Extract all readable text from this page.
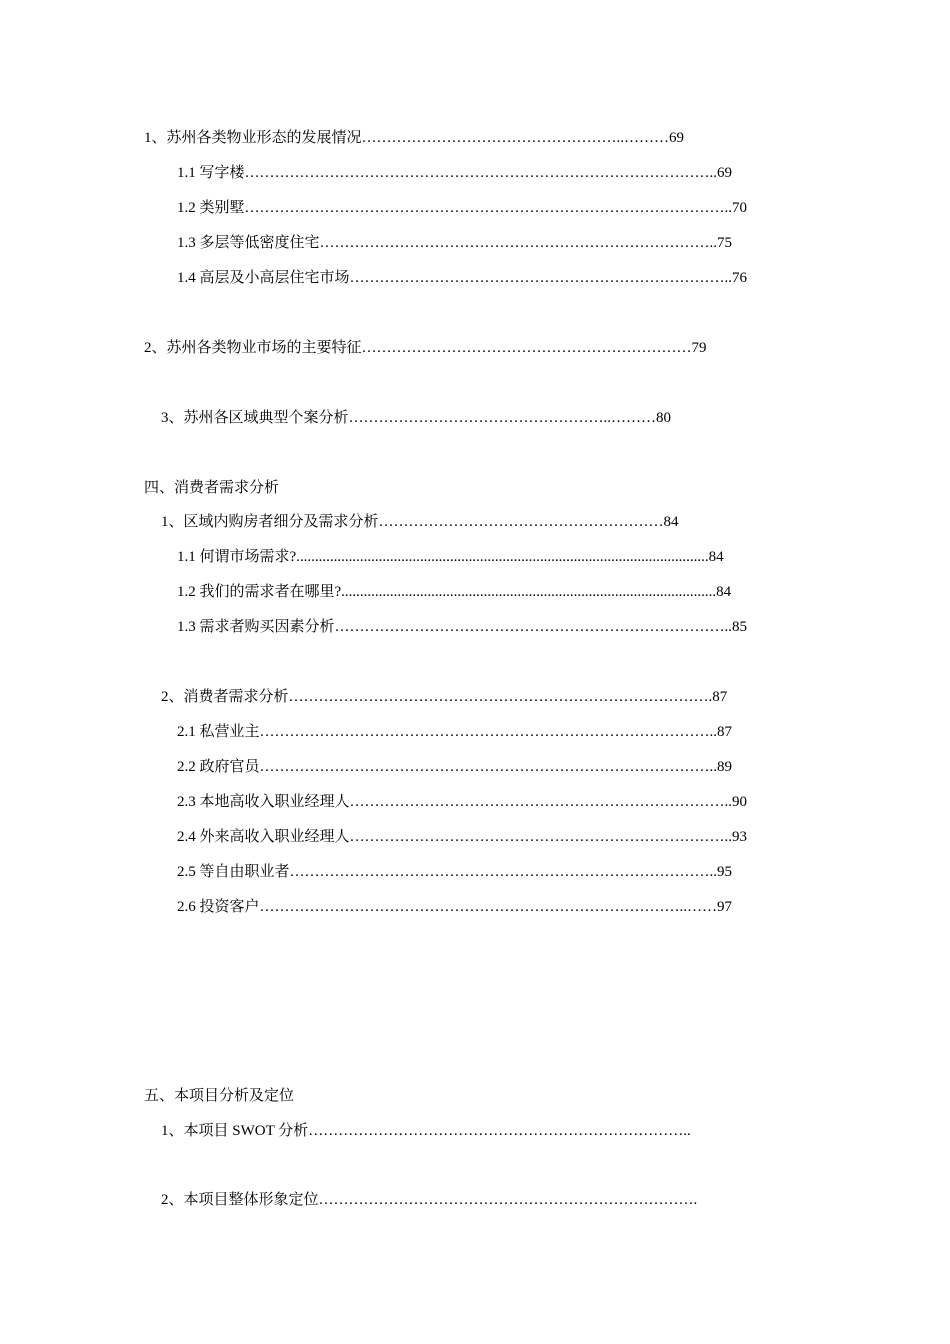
1、苏州各类物业形态的发展情况……………………………………………..………69
1.1 写字楼…………………………………………………………………………………..69
1.2 类别墅……………………………………………………………………………………..70
1.3 多层等低密度住宅……………………………………………………………………..75
1.4 高层及小高层住宅市场…………………………………………………………………..76
2、苏州各类物业市场的主要特征…………………………………………………………79
3、苏州各区域典型个案分析……………………………………………..………80
四、消费者需求分析
1、区域内购房者细分及需求分析…………………………………………………84
1.1 何谓市场需求?..............................................................................................................84
1.2 我们的需求者在哪里?....................................................................................................84
1.3 需求者购买因素分析……………………………………………………………………..85
2、消费者需求分析………………………………………………………………………….87
2.1 私营业主………………………………………………………………………………..87
2.2 政府官员………………………………………………………………………………..89
2.3 本地高收入职业经理人…………………………………………………………………..90
2.4 外来高收入职业经理人…………………………………………………………………..93
2.5 等自由职业者…………………………………………………………………………..95
2.6 投资客户…………………………………………………………………………..……97
五、本项目分析及定位
1、本项目 SWOT 分析…………………………………………………………………..
2、本项目整体形象定位………………………………………………………………….
